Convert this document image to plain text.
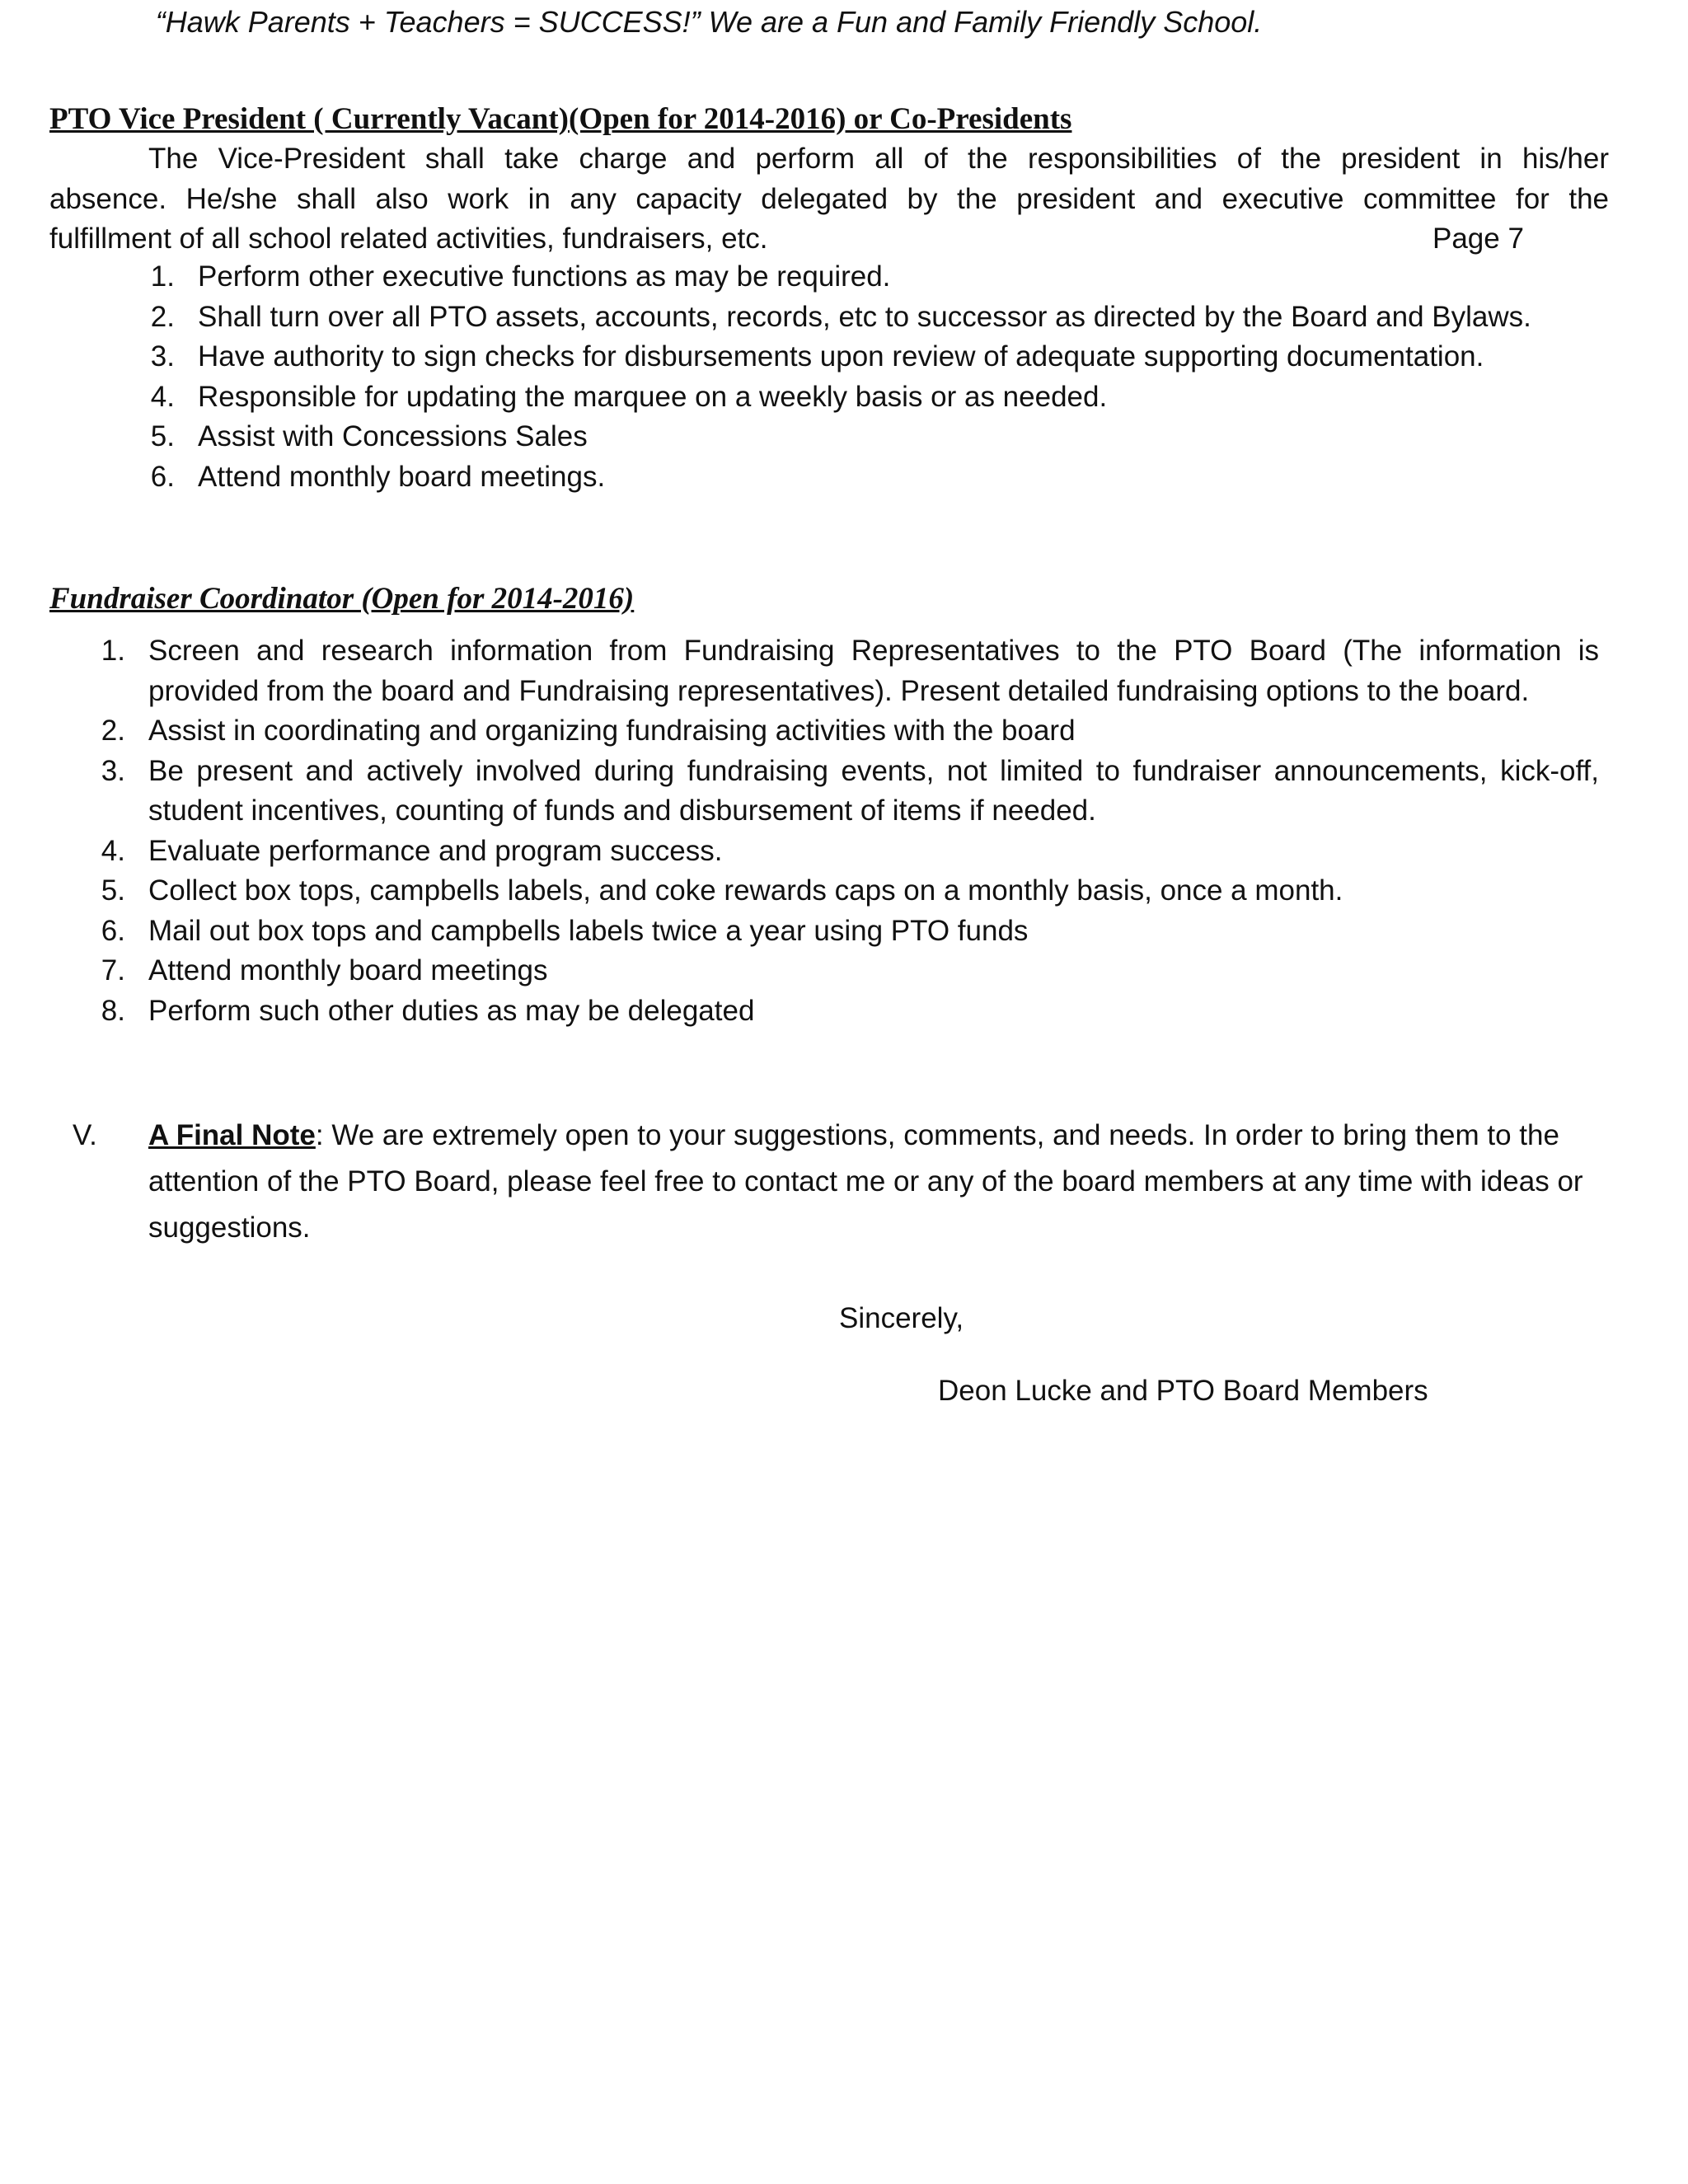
“Hawk Parents + Teachers = SUCCESS!” We are a Fun and Family Friendly School.
PTO Vice President ( Currently Vacant)(Open for 2014-2016) or Co-Presidents
The Vice-President shall take charge and perform all of the responsibilities of the president in his/her
absence. He/she shall also work in any capacity delegated by the president and executive committee for the
fulfillment of all school related activities, fundraisers, etc.	Page 7
1. Perform other executive functions as may be required.
2. Shall turn over all PTO assets, accounts, records, etc to successor as directed by the Board and Bylaws.
3. Have authority to sign checks for disbursements upon review of adequate supporting documentation.
4. Responsible for updating the marquee on a weekly basis or as needed.
5. Assist with Concessions Sales
6. Attend monthly board meetings.
Fundraiser Coordinator (Open for 2014-2016)
1. Screen and research information from Fundraising Representatives to the PTO Board (The information is provided from the board and Fundraising representatives). Present detailed fundraising options to the board.
2. Assist in coordinating and organizing fundraising activities with the board
3. Be present and actively involved during fundraising events, not limited to fundraiser announcements, kick-off, student incentives, counting of funds and disbursement of items if needed.
4. Evaluate performance and program success.
5. Collect box tops, campbells labels, and coke rewards caps on a monthly basis, once a month.
6. Mail out box tops and campbells labels twice a year using PTO funds
7. Attend monthly board meetings
8. Perform such other duties as may be delegated
V. A Final Note: We are extremely open to your suggestions, comments, and needs. In order to bring them to the attention of the PTO Board, please feel free to contact me or any of the board members at any time with ideas or suggestions.
Sincerely,
Deon Lucke and PTO Board Members
